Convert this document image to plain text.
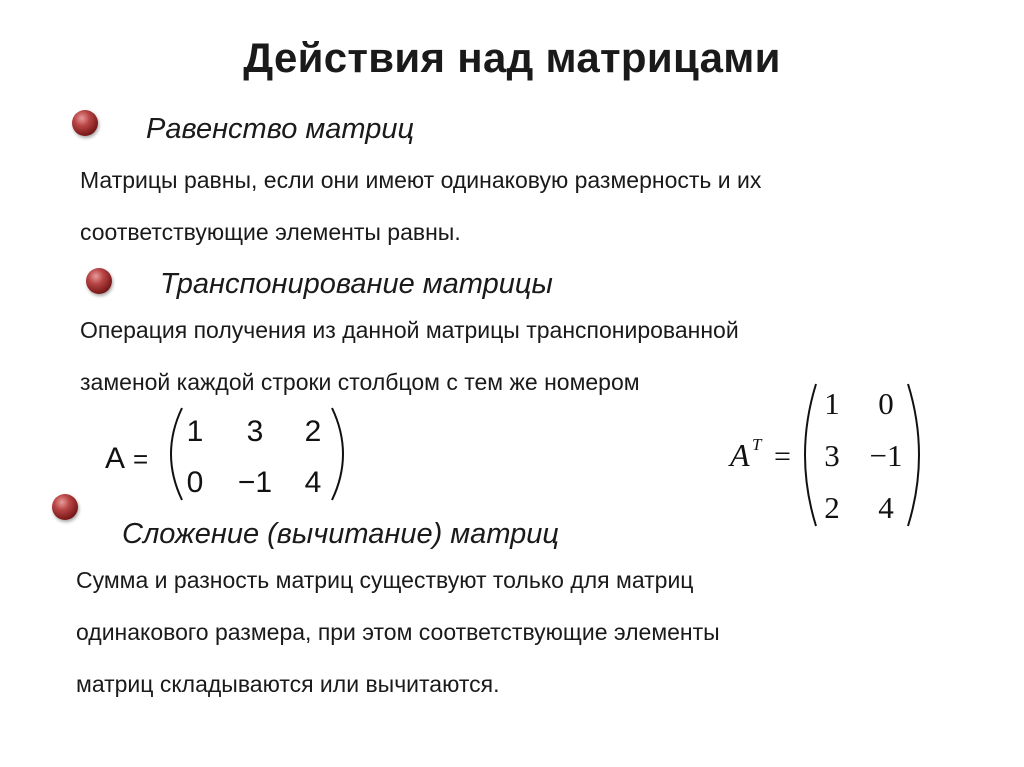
Действия над матрицами
Равенство матриц
Матрицы равны, если они имеют одинаковую размерность и их
соответствующие элементы равны.
Транспонирование матрицы
Операция получения из данной матрицы транспонированной
заменой каждой строки столбцом с тем же номером
A =
1 3 2
0 −1 4
A T =
1 0
3 −1
2 4
Сложение (вычитание) матриц
Сумма и разность матриц существуют только для матриц
одинакового размера, при этом соответствующие элементы
матриц складываются или вычитаются.
